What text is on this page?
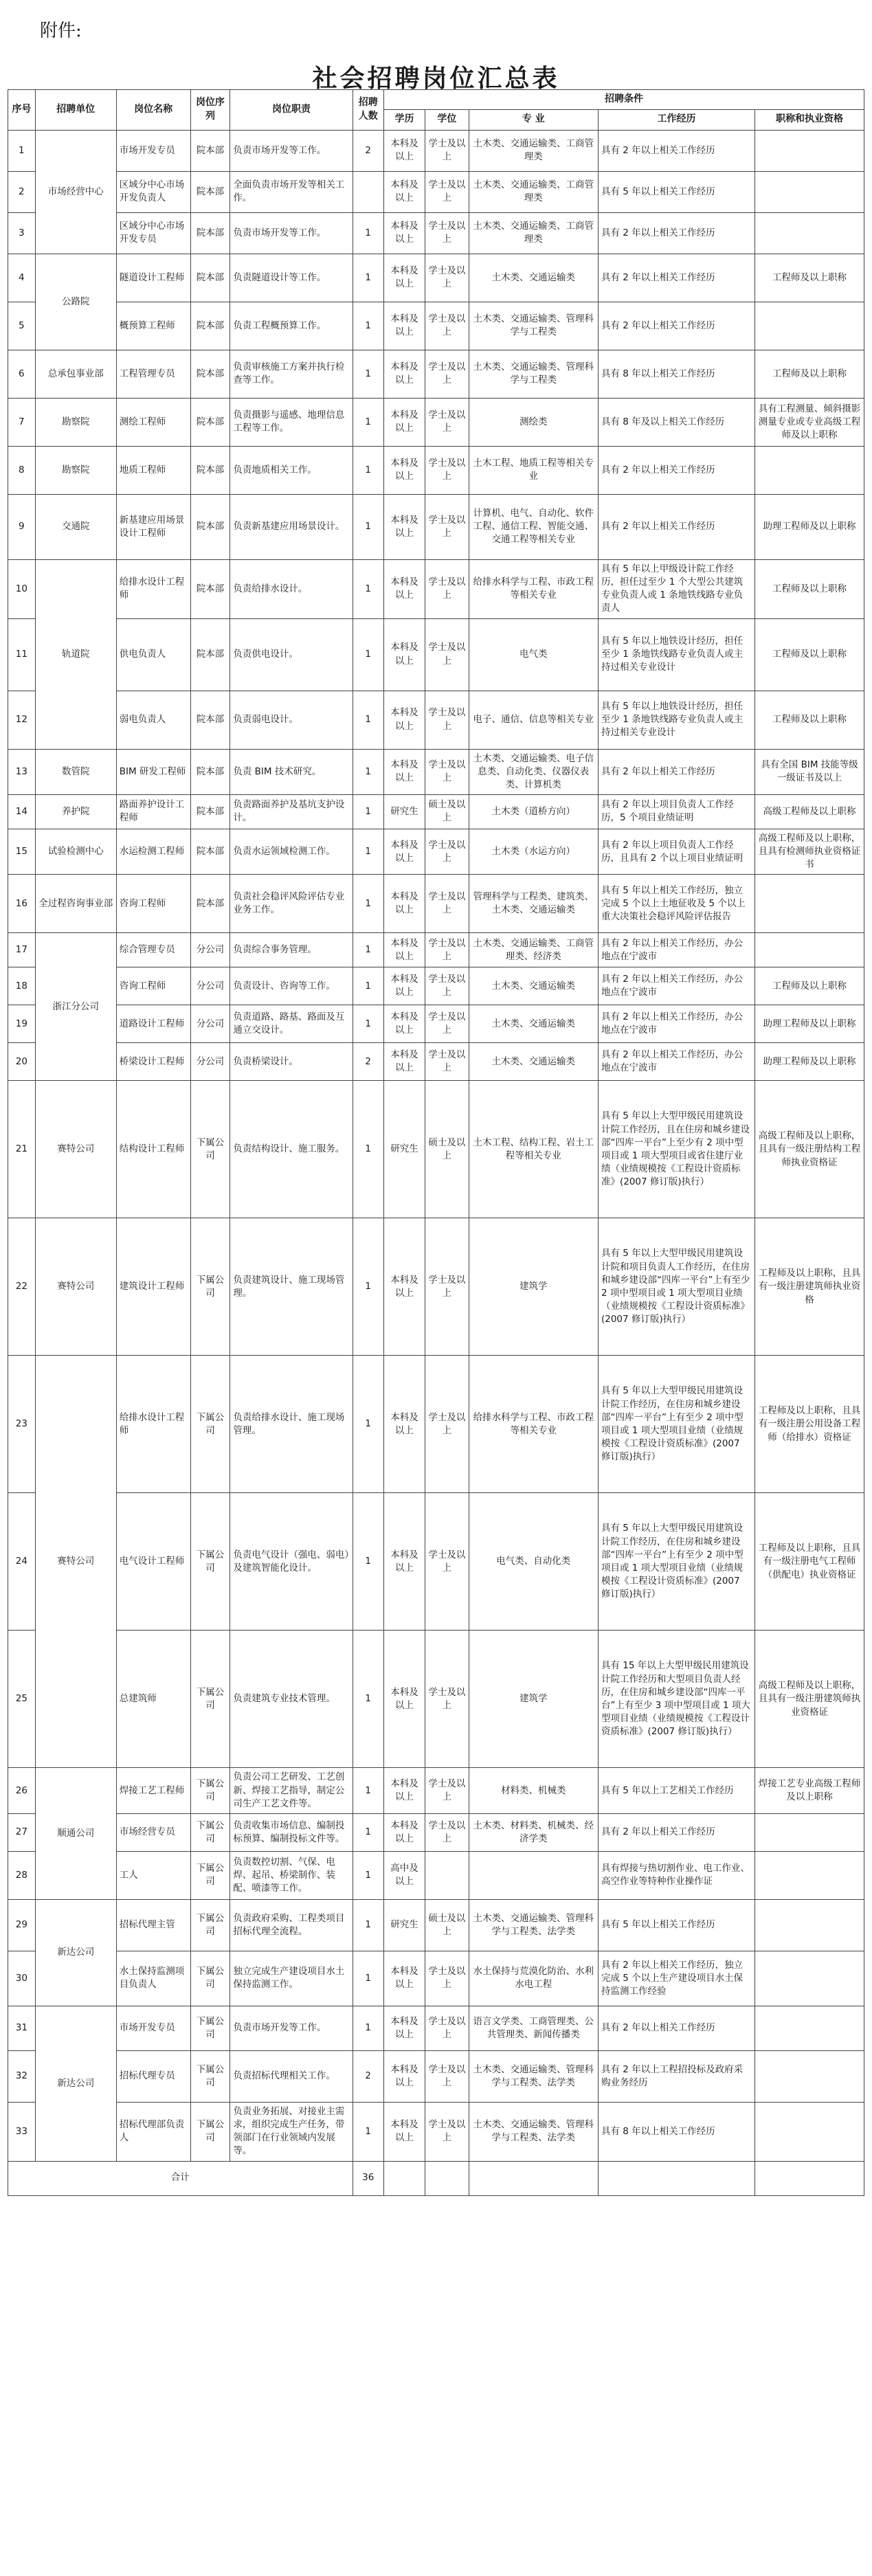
附件:
社会招聘岗位汇总表
序号	招聘单位	岗位名称	岗位序列	岗位职责	招聘人数	招聘条件				
						学历	学位	专 业	工作经历	职称和执业资格
1	市场经营中心	市场开发专员	院本部	负责市场开发等工作。	2	本科及以上	学士及以上	土木类、交通运输类、工商管理类	具有 2 年以上相关工作经历	
2		区域分中心市场开发负责人	院本部	全面负责市场开发等相关工作。		本科及以上	学士及以上	土木类、交通运输类、工商管理类	具有 5 年以上相关工作经历	
3		区域分中心市场开发专员	院本部	负责市场开发等工作。	1	本科及以上	学士及以上	土木类、交通运输类、工商管理类	具有 2 年以上相关工作经历	
4	公路院	隧道设计工程师	院本部	负责隧道设计等工作。	1	本科及以上	学士及以上	土木类、交通运输类	具有 2 年以上相关工作经历	工程师及以上职称
5		概预算工程师	院本部	负责工程概预算工作。	1	本科及以上	学士及以上	土木类、交通运输类、管理科学与工程类	具有 2 年以上相关工作经历	
6	总承包事业部	工程管理专员	院本部	负责审核施工方案并执行检查等工作。	1	本科及以上	学士及以上	土木类、交通运输类、管理科学与工程类	具有 8 年以上相关工作经历	工程师及以上职称
7	勘察院	测绘工程师	院本部	负责摄影与遥感、地理信息工程等工作。	1	本科及以上	学士及以上	测绘类	具有 8 年及以上相关工作经历	具有工程测量、倾斜摄影测量专业或专业高级工程师及以上职称
8	勘察院	地质工程师	院本部	负责地质相关工作。	1	本科及以上	学士及以上	土木工程、地质工程等相关专业	具有 2 年以上相关工作经历	
9	交通院	新基建应用场景设计工程师	院本部	负责新基建应用场景设计。	1	本科及以上	学士及以上	计算机、电气、自动化、软件工程、通信工程、智能交通、交通工程等相关专业	具有 2 年以上相关工作经历	助理工程师及以上职称
10	轨道院	给排水设计工程师	院本部	负责给排水设计。	1	本科及以上	学士及以上	给排水科学与工程、市政工程等相关专业	具有 5 年以上甲级设计院工作经历，担任过至少 1 个大型公共建筑专业负责人或 1 条地铁线路专业负责人	工程师及以上职称
11		供电负责人	院本部	负责供电设计。	1	本科及以上	学士及以上	电气类	具有 5 年以上地铁设计经历，担任至少 1 条地铁线路专业负责人或主持过相关专业设计	工程师及以上职称
12		弱电负责人	院本部	负责弱电设计。	1	本科及以上	学士及以上	电子、通信、信息等相关专业	具有 5 年以上地铁设计经历，担任至少 1 条地铁线路专业负责人或主持过相关专业设计	工程师及以上职称
13	数管院	BIM 研发工程师	院本部	负责 BIM 技术研究。	1	本科及以上	学士及以上	土木类、交通运输类、电子信息类、自动化类、仪器仪表类、计算机类	具有 2 年以上相关工作经历	具有全国 BIM 技能等级一级证书及以上
14	养护院	路面养护设计工程师	院本部	负责路面养护及基坑支护设计。	1	研究生	硕士及以上	土木类（道桥方向）	具有 2 年以上项目负责人工作经历，5 个项目业绩证明	高级工程师及以上职称
15	试验检测中心	水运检测工程师	院本部	负责水运领域检测工作。	1	本科及以上	学士及以上	土木类（水运方向）	具有 2 年以上项目负责人工作经历，且具有 2 个以上项目业绩证明	高级工程师及以上职称，且具有检测师执业资格证书
16	全过程咨询事业部	咨询工程师	院本部	负责社会稳评风险评估专业业务工作。	1	本科及以上	学士及以上	管理科学与工程类、建筑类、土木类、交通运输类	具有 5 年以上相关工作经历，独立完成 5 个以上土地征收及 5 个以上重大决策社会稳评风险评估报告	
17	浙江分公司	综合管理专员	分公司	负责综合事务管理。	1	本科及以上	学士及以上	土木类、交通运输类、工商管理类、经济类	具有 2 年以上相关工作经历，办公地点在宁波市	
18		咨询工程师	分公司	负责设计、咨询等工作。	1	本科及以上	学士及以上	土木类、交通运输类	具有 2 年以上相关工作经历，办公地点在宁波市	工程师及以上职称
19		道路设计工程师	分公司	负责道路、路基、路面及互通立交设计。	1	本科及以上	学士及以上	土木类、交通运输类	具有 2 年以上相关工作经历，办公地点在宁波市	助理工程师及以上职称
20		桥梁设计工程师	分公司	负责桥梁设计。	2	本科及以上	学士及以上	土木类、交通运输类	具有 2 年以上相关工作经历，办公地点在宁波市	助理工程师及以上职称
21	赛特公司	结构设计工程师	下属公司	负责结构设计、施工服务。	1	研究生	硕士及以上	土木工程、结构工程、岩土工程等相关专业	具有 5 年以上大型甲级民用建筑设计院工作经历，且在住房和城乡建设部“四库一平台”上至少有 2 项中型项目或 1 项大型项目或省住建厅业绩（业绩规模按《工程设计资质标准》(2007 修订版)执行）	高级工程师及以上职称，且具有一级注册结构工程师执业资格证
22	赛特公司	建筑设计工程师	下属公司	负责建筑设计、施工现场管理。	1	本科及以上	学士及以上	建筑学	具有 5 年以上大型甲级民用建筑设计院和项目负责人工作经历，在住房和城乡建设部“四库一平台”上有至少 2 项中型项目或 1 项大型项目业绩（业绩规模按《工程设计资质标准》(2007 修订版)执行）	工程师及以上职称，且具有一级注册建筑师执业资格
23	赛特公司	给排水设计工程师	下属公司	负责给排水设计、施工现场管理。	1	本科及以上	学士及以上	给排水科学与工程、市政工程等相关专业	具有 5 年以上大型甲级民用建筑设计院工作经历，在住房和城乡建设部“四库一平台”上有至少 2 项中型项目或 1 项大型项目业绩（业绩规模按《工程设计资质标准》(2007 修订版)执行）	工程师及以上职称，且具有一级注册公用设备工程师（给排水）资格证
24		电气设计工程师	下属公司	负责电气设计（强电、弱电）及建筑智能化设计。	1	本科及以上	学士及以上	电气类、自动化类	具有 5 年以上大型甲级民用建筑设计院工作经历，在住房和城乡建设部“四库一平台”上有至少 2 项中型项目或 1 项大型项目业绩（业绩规模按《工程设计资质标准》(2007 修订版)执行）	工程师及以上职称，且具有一级注册电气工程师（供配电）执业资格证
25		总建筑师	下属公司	负责建筑专业技术管理。	1	本科及以上	学士及以上	建筑学	具有 15 年以上大型甲级民用建筑设计院工作经历和大型项目负责人经历，在住房和城乡建设部“四库一平台”上有至少 3 项中型项目或 1 项大型项目业绩（业绩规模按《工程设计资质标准》(2007 修订版)执行）	高级工程师及以上职称，且具有一级注册建筑师执业资格证
26	顺通公司	焊接工艺工程师	下属公司	负责公司工艺研发、工艺创新、焊接工艺指导，制定公司生产工艺文件等。	1	本科及以上	学士及以上	材料类、机械类	具有 5 年以上工艺相关工作经历	焊接工艺专业高级工程师及以上职称
27		市场经营专员	下属公司	负责收集市场信息、编制投标预算、编制投标文件等。	1	本科及以上	学士及以上	土木类、材料类、机械类、经济学类	具有 2 年以上相关工作经历	
28		工人	下属公司	负责数控切割、气保、电焊、起吊、桥梁制作、装配、喷漆等工作。	1	高中及以上			具有焊接与热切割作业、电工作业、高空作业等特种作业操作证	
29	新达公司	招标代理主管	下属公司	负责政府采购、工程类项目招标代理全流程。	1	研究生	硕士及以上	土木类、交通运输类、管理科学与工程类、法学类	具有 5 年以上相关工作经历	
30		水土保持监测项目负责人	下属公司	独立完成生产建设项目水土保持监测工作。	1	本科及以上	学士及以上	水土保持与荒漠化防治、水利水电工程	具有 2 年以上相关工作经历，独立完成 5 个以上生产建设项目水土保持监测工作经验	
31	新达公司	市场开发专员	下属公司	负责市场开发等工作。	1	本科及以上	学士及以上	语言文学类、工商管理类、公共管理类、新闻传播类	具有 2 年以上相关工作经历	
32		招标代理专员	下属公司	负责招标代理相关工作。	2	本科及以上	学士及以上	土木类、交通运输类、管理科学与工程类、法学类	具有 2 年以上工程招投标及政府采购业务经历	
33		招标代理部负责人	下属公司	负责业务拓展、对接业主需求，组织完成生产任务，带领部门在行业领域内发展等。	1	本科及以上	学士及以上	土木类、交通运输类、管理科学与工程类、法学类	具有 8 年以上相关工作经历	
合计					36					
